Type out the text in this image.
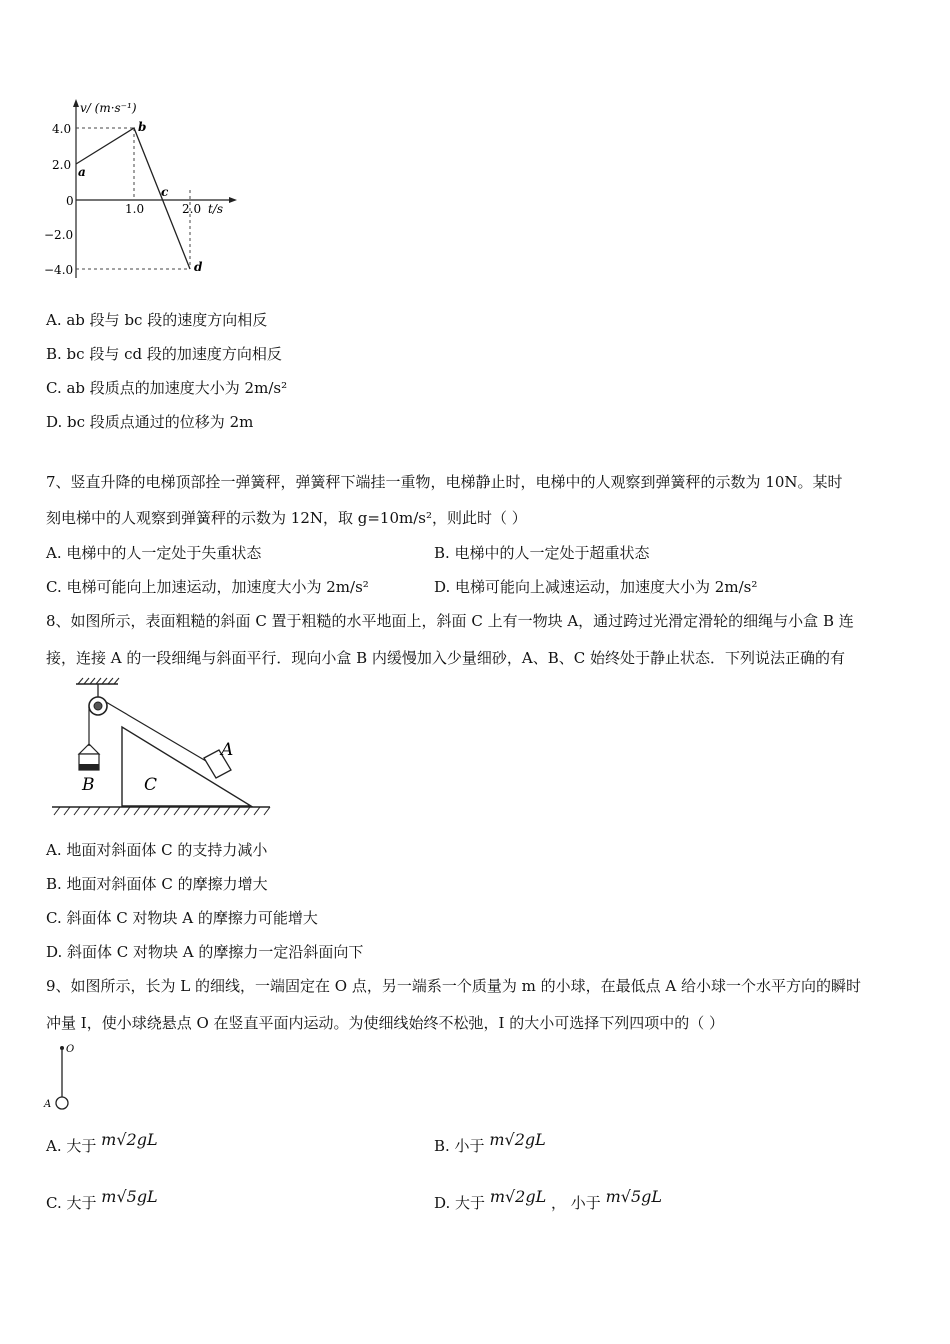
v/ (m·s⁻¹)
4.0
2.0
0
−2.0
−4.0
1.0	2.0 t/s
a
b
c
d
A. ab 段与 bc 段的速度方向相反
B. bc 段与 cd 段的加速度方向相反
C. ab 段质点的加速度大小为 2m/s²
D. bc 段质点通过的位移为 2m
7、竖直升降的电梯顶部拴一弹簧秤，弹簧秤下端挂一重物，电梯静止时，电梯中的人观察到弹簧秤的示数为 10N。某时
刻电梯中的人观察到弹簧秤的示数为 12N，取 g=10m/s²，则此时（ ）
A. 电梯中的人一定处于失重状态	B. 电梯中的人一定处于超重状态
C. 电梯可能向上加速运动，加速度大小为 2m/s²	D. 电梯可能向上减速运动，加速度大小为 2m/s²
8、如图所示，表面粗糙的斜面 C 置于粗糙的水平地面上，斜面 C 上有一物块 A，通过跨过光滑定滑轮的细绳与小盒 B 连
接，连接 A 的一段细绳与斜面平行．现向小盒 B 内缓慢加入少量细砂，A、B、C 始终处于静止状态．下列说法正确的有
A
B	C
A. 地面对斜面体 C 的支持力减小
B. 地面对斜面体 C 的摩擦力增大
C. 斜面体 C 对物块 A 的摩擦力可能增大
D. 斜面体 C 对物块 A 的摩擦力一定沿斜面向下
9、如图所示，长为 L 的细线，一端固定在 O 点，另一端系一个质量为 m 的小球，在最低点 A 给小球一个水平方向的瞬时
冲量 I，使小球绕悬点 O 在竖直平面内运动。为使细线始终不松弛，I 的大小可选择下列四项中的（ ）
O
A
A. 大于 m√2gL	B. 小于 m√2gL
C. 大于 m√5gL	D. 大于 m√2gL ， 小于 m√5gL
